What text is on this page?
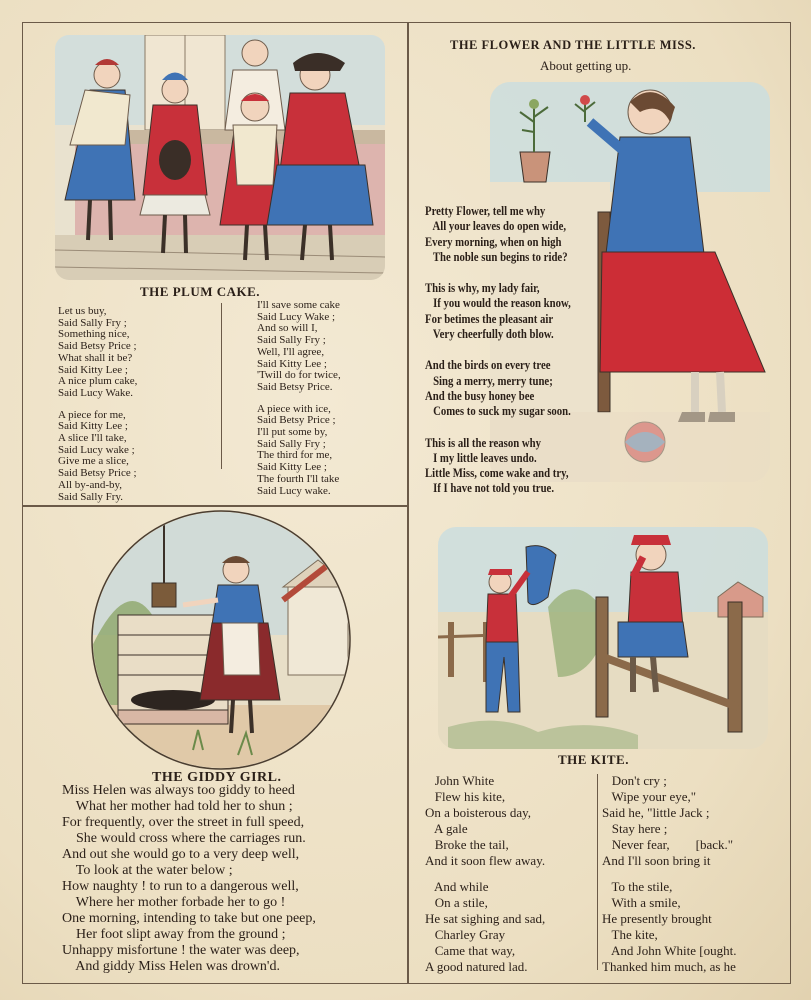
THE PLUM CAKE.
Let us buy,
Said Sally Fry ;
Something nice,
Said Betsy Price ;
What shall it be?
Said Kitty Lee ;
A nice plum cake,
Said Lucy Wake.
A piece for me,
Said Kitty Lee ;
A slice I'll take,
Said Lucy wake ;
Give me a slice,
Said Betsy Price ;
All by-and-by,
Said Sally Fry.
I'll save some cake
Said Lucy Wake ;
And so will I,
Said Sally Fry ;
Well, I'll agree,
Said Kitty Lee ;
'Twill do for twice,
Said Betsy Price.
A piece with ice,
Said Betsy Price ;
I'll put some by,
Said Sally Fry ;
The third for me,
Said Kitty Lee ;
The fourth I'll take
Said Lucy wake.
THE GIDDY GIRL.
Miss Helen was always too giddy to heed
What her mother had told her to shun ;
For frequently, over the street in full speed,
She would cross where the carriages run.
And out she would go to a very deep well,
To look at the water below ;
How naughty ! to run to a dangerous well,
Where her mother forbade her to go !
One morning, intending to take but one peep,
Her foot slipt away from the ground ;
Unhappy misfortune ! the water was deep,
And giddy Miss Helen was drown'd.
THE FLOWER AND THE LITTLE MISS.
About getting up.
Pretty Flower, tell me why
All your leaves do open wide,
Every morning, when on high
The noble sun begins to ride?
This is why, my lady fair,
If you would the reason know,
For betimes the pleasant air
Very cheerfully doth blow.
And the birds on every tree
Sing a merry, merry tune;
And the busy honey bee
Comes to suck my sugar soon.
This is all the reason why
I my little leaves undo.
Little Miss, come wake and try,
If I have not told you true.
THE KITE.
John White
Flew his kite,
On a boisterous day,
A gale
Broke the tail,
And it soon flew away.
And while
On a stile,
He sat sighing and sad,
Charley Gray
Came that way,
A good natured lad.
Don't cry ;
Wipe your eye,"
Said he, "little Jack ;
Stay here ;
Never fear,        [back."
And I'll soon bring it
To the stile,
With a smile,
He presently brought
The kite,
And John White [ought.
Thanked him much, as he
